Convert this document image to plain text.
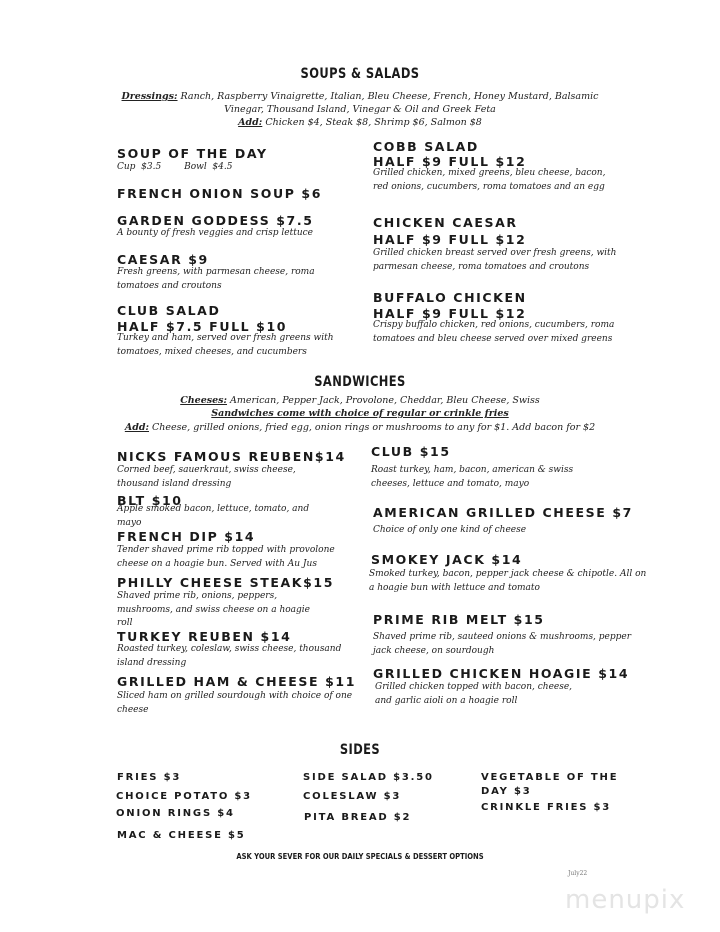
SOUPS & SALADS
Dressings: Ranch, Raspberry Vinaigrette, Italian, Bleu Cheese, French, Honey Mustard, Balsamic
Vinegar, Thousand Island, Vinegar & Oil and Greek Feta
Add: Chicken $4, Steak $8, Shrimp $6, Salmon $8
SOUP OF THE DAY
Cup  $3.5        Bowl  $4.5
FRENCH ONION SOUP $6
GARDEN GODDESS $7.5
A bounty of fresh veggies and crisp lettuce
CAESAR $9
Fresh greens, with parmesan cheese, roma tomatoes and croutons
CLUB SALAD
HALF $7.5 FULL $10
Turkey and ham, served over fresh greens with tomatoes, mixed cheeses, and cucumbers
COBB SALAD
HALF $9 FULL $12
Grilled chicken, mixed greens, bleu cheese, bacon, red onions, cucumbers, roma tomatoes and an egg
CHICKEN CAESAR
HALF $9 FULL $12
Grilled chicken breast served over fresh greens, with parmesan cheese, roma tomatoes and croutons
BUFFALO CHICKEN
HALF $9 FULL $12
Crispy buffalo chicken, red onions, cucumbers, roma tomatoes and bleu cheese served over mixed greens
SANDWICHES
Cheeses: American, Pepper Jack, Provolone, Cheddar, Bleu Cheese, Swiss
Sandwiches come with choice of regular or crinkle fries
Add: Cheese, grilled onions, fried egg, onion rings or mushrooms to any for $1. Add bacon for $2
NICKS FAMOUS REUBEN$14
Corned beef, sauerkraut, swiss cheese, thousand island dressing
BLT $10
Apple smoked bacon, lettuce, tomato, and mayo
FRENCH DIP $14
Tender shaved prime rib topped with provolone cheese on a hoagie bun. Served with Au Jus
PHILLY CHEESE STEAK$15
Shaved prime rib, onions, peppers, mushrooms, and swiss cheese on a hoagie roll
TURKEY REUBEN $14
Roasted turkey, coleslaw, swiss cheese, thousand island dressing
GRILLED HAM & CHEESE $11
Sliced ham on grilled sourdough with choice of one cheese
CLUB $15
Roast turkey, ham, bacon, american & swiss cheeses, lettuce and tomato, mayo
AMERICAN GRILLED CHEESE $7
Choice of only one kind of cheese
SMOKEY JACK $14
Smoked turkey, bacon, pepper jack cheese & chipotle. All on a hoagie bun with lettuce and tomato
PRIME RIB MELT $15
Shaved prime rib, sauteed onions & mushrooms, pepper jack cheese, on sourdough
GRILLED CHICKEN HOAGIE $14
Grilled chicken topped with bacon, cheese, and garlic aioli on a hoagie roll
SIDES
FRIES $3
CHOICE POTATO $3
ONION RINGS $4
MAC & CHEESE $5
SIDE SALAD $3.50
COLESLAW $3
PITA BREAD $2
VEGETABLE OF THE
DAY $3
CRINKLE FRIES $3
ASK YOUR SEVER FOR OUR DAILY SPECIALS & DESSERT OPTIONS
July22
menupix
